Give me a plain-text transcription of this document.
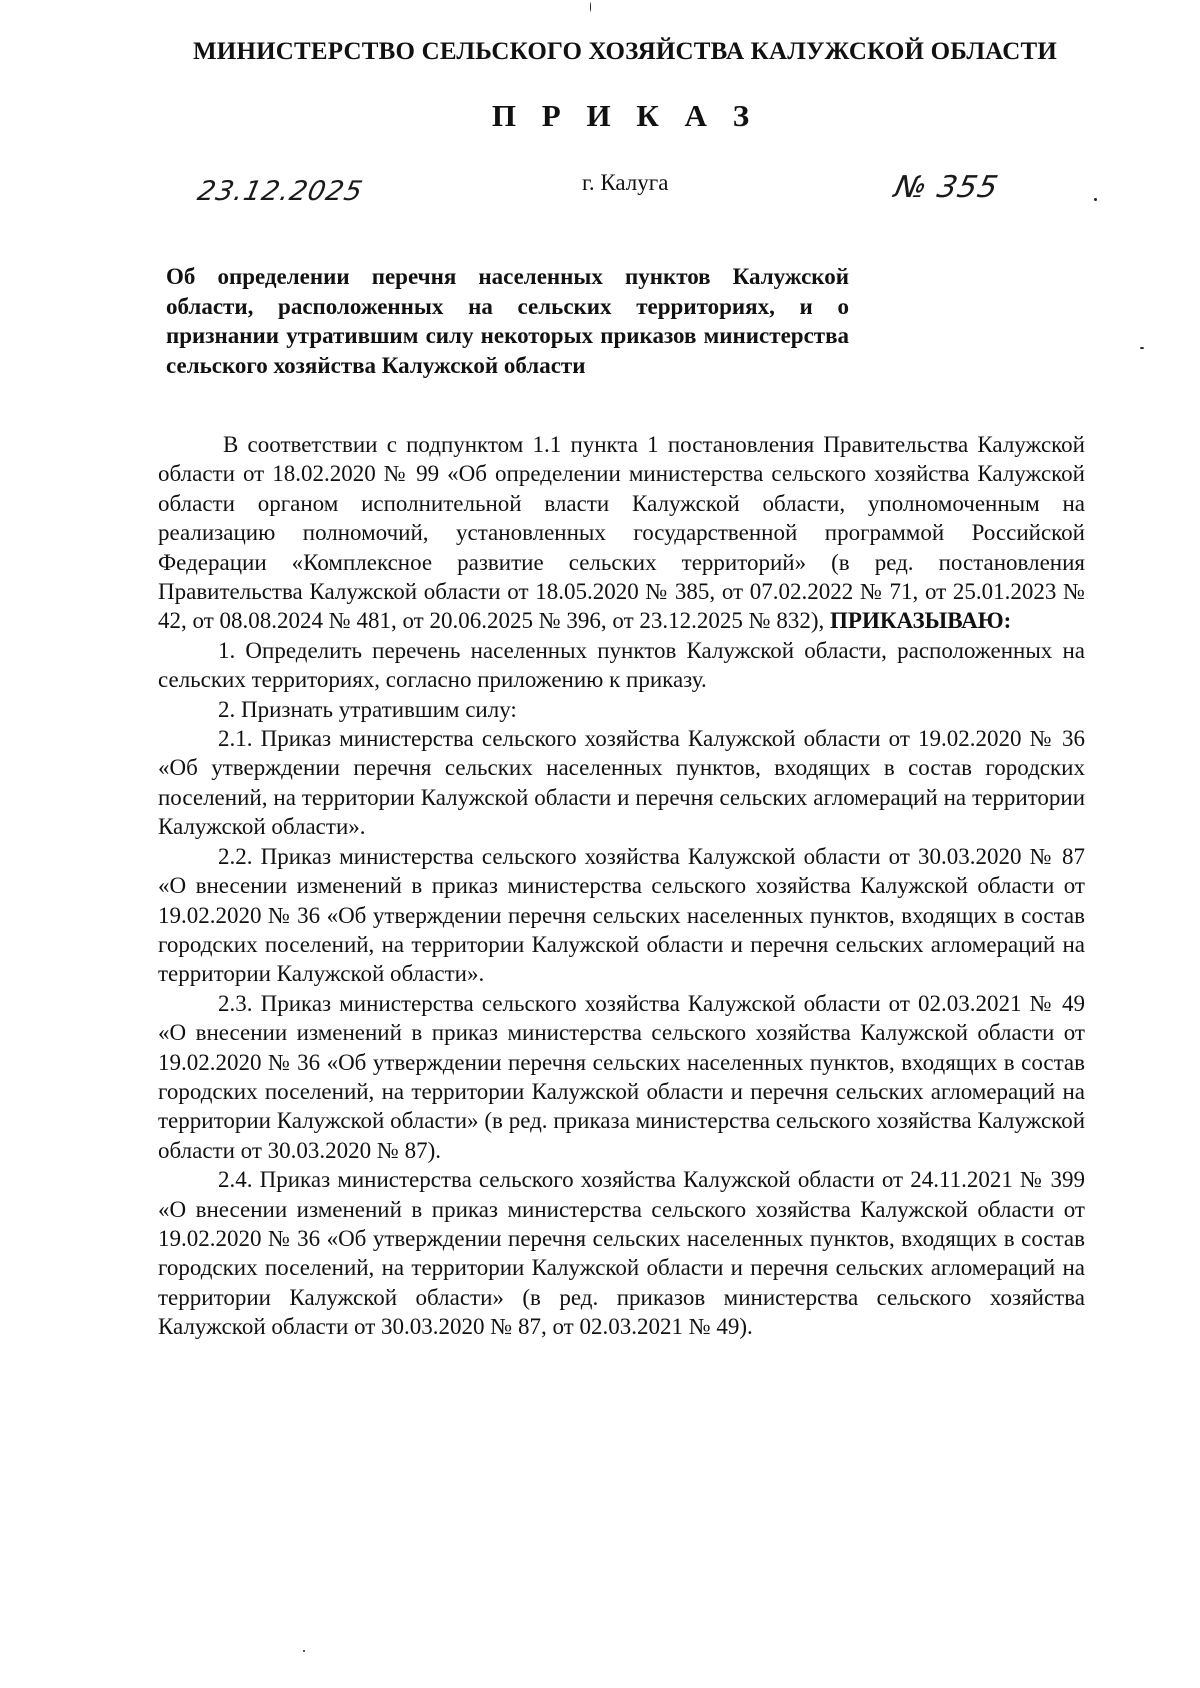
МИНИСТЕРСТВО СЕЛЬСКОГО ХОЗЯЙСТВА КАЛУЖСКОЙ ОБЛАСТИ
П Р И К А З
23.12.2025	г. Калуга	№ 355
Об определении перечня населенных пунктов Калужской области, расположенных на сельских территориях, и о признании утратившим силу некоторых приказов министерства сельского хозяйства Калужской области

В соответствии с подпунктом 1.1 пункта 1 постановления Правительства Калужской области от 18.02.2020 № 99 «Об определении министерства сельского хозяйства Калужской области органом исполнительной власти Калужской области, уполномоченным на реализацию полномочий, установленных государственной программой Российской Федерации «Комплексное развитие сельских территорий» (в ред. постановления Правительства Калужской области от 18.05.2020 № 385, от 07.02.2022 № 71, от 25.01.2023 № 42, от 08.08.2024 № 481, от 20.06.2025 № 396, от 23.12.2025 № 832), ПРИКАЗЫВАЮ:

1. Определить перечень населенных пунктов Калужской области, расположенных на сельских территориях, согласно приложению к приказу.

2. Признать утратившим силу:

2.1. Приказ министерства сельского хозяйства Калужской области от 19.02.2020 № 36 «Об утверждении перечня сельских населенных пунктов, входящих в состав городских поселений, на территории Калужской области и перечня сельских агломераций на территории Калужской области».

2.2. Приказ министерства сельского хозяйства Калужской области от 30.03.2020 № 87 «О внесении изменений в приказ министерства сельского хозяйства Калужской области от 19.02.2020 № 36 «Об утверждении перечня сельских населенных пунктов, входящих в состав городских поселений, на территории Калужской области и перечня сельских агломераций на территории Калужской области».

2.3. Приказ министерства сельского хозяйства Калужской области от 02.03.2021 № 49 «О внесении изменений в приказ министерства сельского хозяйства Калужской области от 19.02.2020 № 36 «Об утверждении перечня сельских населенных пунктов, входящих в состав городских поселений, на территории Калужской области и перечня сельских агломераций на территории Калужской области» (в ред. приказа министерства сельского хозяйства Калужской области от 30.03.2020 № 87).

2.4. Приказ министерства сельского хозяйства Калужской области от 24.11.2021 № 399 «О внесении изменений в приказ министерства сельского хозяйства Калужской области от 19.02.2020 № 36 «Об утверждении перечня сельских населенных пунктов, входящих в состав городских поселений, на территории Калужской области и перечня сельских агломераций на территории Калужской области» (в ред. приказов министерства сельского хозяйства Калужской области от 30.03.2020 № 87, от 02.03.2021 № 49).
